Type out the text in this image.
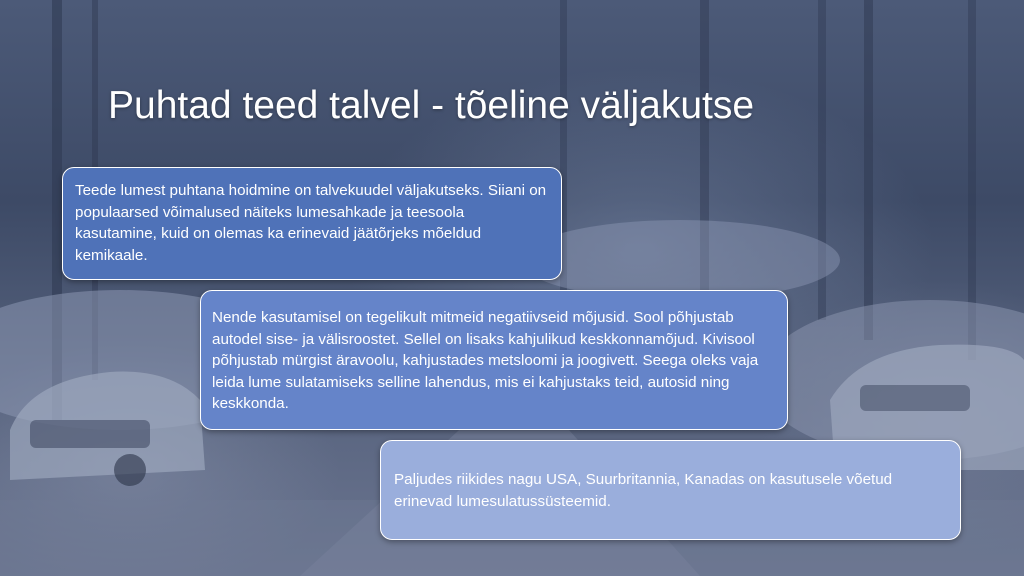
Puhtad teed talvel - tõeline väljakutse
Teede lumest puhtana hoidmine on talvekuudel väljakutseks. Siiani on populaarsed võimalused näiteks lumesahkade ja teesoola kasutamine, kuid on olemas ka erinevaid jäätõrjeks mõeldud kemikaale.
Nende kasutamisel on tegelikult mitmeid negatiivseid mõjusid. Sool põhjustab autodel sise- ja välisroostet. Sellel on lisaks kahjulikud keskkonnamõjud. Kivisool põhjustab mürgist äravoolu, kahjustades metsloomi ja joogivett. Seega oleks vaja leida lume sulatamiseks selline lahendus, mis ei kahjustaks teid, autosid ning keskkonda.
Paljudes riikides nagu USA, Suurbritannia, Kanadas on kasutusele võetud erinevad lumesulatussüsteemid.
